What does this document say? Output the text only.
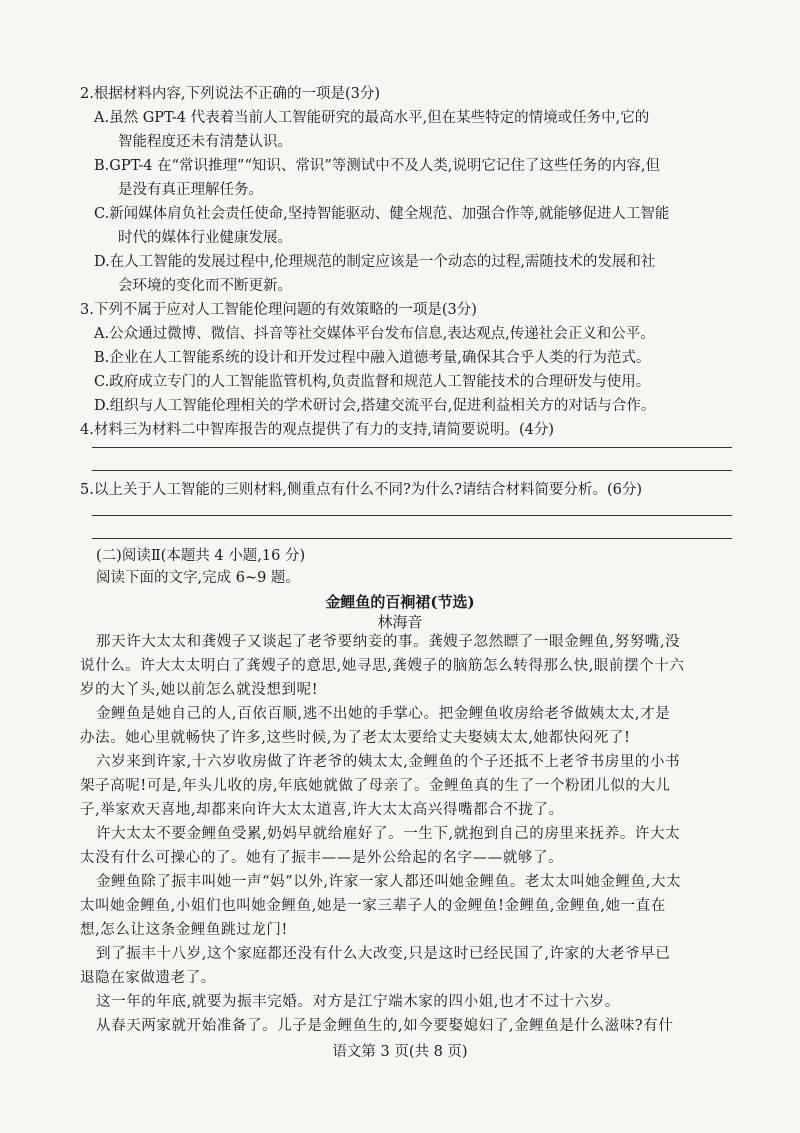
2.根据材料内容,下列说法不正确的一项是(3分)
A.虽然 GPT-4 代表着当前人工智能研究的最高水平,但在某些特定的情境或任务中,它的
智能程度还未有清楚认识。
B.GPT-4 在“常识推理”“知识、常识”等测试中不及人类,说明它记住了这些任务的内容,但
是没有真正理解任务。
C.新闻媒体肩负社会责任使命,坚持智能驱动、健全规范、加强合作等,就能够促进人工智能
时代的媒体行业健康发展。
D.在人工智能的发展过程中,伦理规范的制定应该是一个动态的过程,需随技术的发展和社
会环境的变化而不断更新。
3.下列不属于应对人工智能伦理问题的有效策略的一项是(3分)
A.公众通过微博、微信、抖音等社交媒体平台发布信息,表达观点,传递社会正义和公平。
B.企业在人工智能系统的设计和开发过程中融入道德考量,确保其合乎人类的行为范式。
C.政府成立专门的人工智能监管机构,负责监督和规范人工智能技术的合理研发与使用。
D.组织与人工智能伦理相关的学术研讨会,搭建交流平台,促进利益相关方的对话与合作。
4.材料三为材料二中智库报告的观点提供了有力的支持,请简要说明。(4分)
5.以上关于人工智能的三则材料,侧重点有什么不同?为什么?请结合材料简要分析。(6分)
(二)阅读Ⅱ(本题共 4 小题,16 分)
阅读下面的文字,完成 6~9 题。
金鲤鱼的百裥裙(节选)
林海音
那天许大太太和龚嫂子又谈起了老爷要纳妾的事。龚嫂子忽然瞟了一眼金鲤鱼,努努嘴,没
说什么。许大太太明白了龚嫂子的意思,她寻思,龚嫂子的脑筋怎么转得那么快,眼前摆个十六
岁的大丫头,她以前怎么就没想到呢!
金鲤鱼是她自己的人,百依百顺,逃不出她的手掌心。把金鲤鱼收房给老爷做姨太太,才是
办法。她心里就畅快了许多,这些时候,为了老太太要给丈夫娶姨太太,她都快闷死了!
六岁来到许家,十六岁收房做了许老爷的姨太太,金鲤鱼的个子还抵不上老爷书房里的小书
架子高呢!可是,年头儿收的房,年底她就做了母亲了。金鲤鱼真的生了一个粉团儿似的大儿
子,举家欢天喜地,却都来向许大太太道喜,许大太太高兴得嘴都合不拢了。
许大太太不要金鲤鱼受累,奶妈早就给雇好了。一生下,就抱到自己的房里来抚养。许大太
太没有什么可操心的了。她有了振丰——是外公给起的名字——就够了。
金鲤鱼除了振丰叫她一声“妈”以外,许家一家人都还叫她金鲤鱼。老太太叫她金鲤鱼,大太
太叫她金鲤鱼,小姐们也叫她金鲤鱼,她是一家三辈子人的金鲤鱼!金鲤鱼,金鲤鱼,她一直在
想,怎么让这条金鲤鱼跳过龙门!
到了振丰十八岁,这个家庭都还没有什么大改变,只是这时已经民国了,许家的大老爷早已
退隐在家做遗老了。
这一年的年底,就要为振丰完婚。对方是江宁端木家的四小姐,也才不过十六岁。
从春天两家就开始准备了。儿子是金鲤鱼生的,如今要娶媳妇了,金鲤鱼是什么滋味?有什
语文第 3 页(共 8 页)
